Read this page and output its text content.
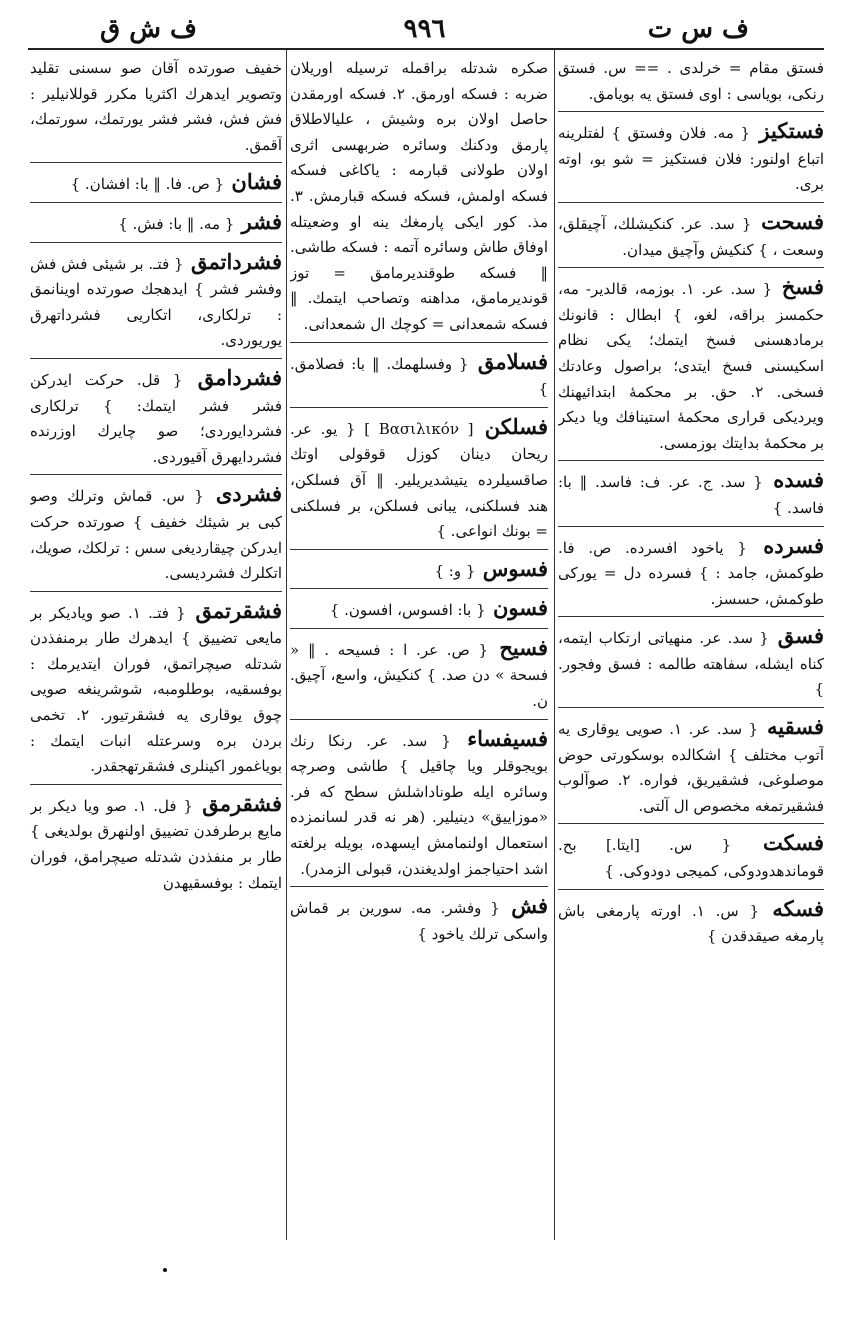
ف س ت
٩٩٦
ف ش ق
فستق مقام = خرلدی . == س. فستق رنکی، بویاسی : اوی فستق یه بویامق.
فستکیز{ مه. فلان وفستق } لفتلرینه اتباع اولنور: فلان فستکیز = شو بو، اوته بری.
فسحت{ سد. عر. کنکیشلك، آچیقلق، وسعت ، } کنکیش وآچیق میدان.
فسخ{ سد. عر. ۱. بوزمه، قالدیر- مه، حکمسز براقه، لغو، } ابطال : قانونك برمادهسنی فسخ ایتمك؛ یکی نظام اسکیسنی فسخ ایتدی؛ براصول وعادتك فسخی. ۲. حق. بر محکمهٔ ابتدائیهنك ویردیکی قراری محکمهٔ استینافك ویا دیکر بر محکمهٔ بدایتك بوزمسی.
فسده{ سد. ج. عر. ف: فاسد. ‖ با: فاسد. }
فسرده{ یاخود افسرده. ص. فا. طوکمش، جامد : } فسرده دل = یورکی طوکمش، حسسز.
فسق{ سد. عر. منهیاتی ارتکاب ایتمه، کناه ایشله، سفاهته طالمه : فسق وفجور. }
فسقیه{ سد. عر. ۱. صویی یوقاری یه آتوب مختلف } اشکالده بوسکورتی حوض موصلوغی، فشقیریق، فواره. ۲. صوآلوب فشقیرتمغه مخصوص ال آلتی.
فسکت{ س. [ایتا.] بح. قوماندهدودوکی، کمیجی دودوکی. }
فسکه{ س. ۱. اورته پارمغی باش پارمغه صیقدقدن }
صکره شدتله براقمله ترسیله اوریلان ضربه : فسکه اورمق. ۲. فسکه اورمقدن حاصل اولان بره وشیش ، علیالاطلاق پارمق ودکنك وسائره ضربهسی اثری اولان طولانی قبارمه : یاکاغی فسکه فسکه اولمش، فسکه فسکه قبارمش. ۳. مذ. کور ایکی پارمغك ینه او وضعیتله اوفاق طاش وسائره آتمه : فسکه طاشی. ‖ فسکه طوقندیرمامق = توز قوندیرمامق، مداهنه وتصاحب ایتمك. ‖ فسکه شمعدانی = کوچك ال شمعدانی.
فسلامق{ وفسلهمك. ‖ با: فصلامق. }
فسلکن[ Βασιλικόν ] { یو. عر. ریحان دینان کوزل قوقولی اوتك صاقسیلرده یتیشدیریلیر. ‖ آق فسلکن، هند فسلکنی، یبانی فسلکن، بر فسلکنی = بونك انواعی. }
فسوس{ و: }
فسون{ با: افسوس، افسون. }
فسیح{ ص. عر. ا : فسیحه . ‖ « فسحة » دن صد. } کنکیش، واسع، آچیق. ن.
فسیفساء{ سد. عر. رنکا رنك بویجوقلر ویا چاقیل } طاشی وصرچه وسائره ایله طوناداشلش سطح که فر. «موزاییق» دینیلیر. (هر نه قدر لسانمزده استعمال اولنمامش ایسهده، بویله برلغته اشد احتیاجمز اولدیغندن، قبولی الزمدر).
فش{ وفشر. مه. سورین بر قماش واسکی ترلك یاخود }
خفیف صورتده آقان صو سسنی تقلید وتصویر ایدهرك اکثریا مکرر قوللانیلیر : فش فش، فشر فشر یورتمك، سورتمك، آقمق.
فشان{ ص. فا. ‖ با: افشان. }
فشر{ مه. ‖ با: فش. }
فشرداتمق{ فتـ. بر شیئی فش فش وفشر فشر } ایدهجك صورتده اوینانمق : ترلکاری، اتکاریی فشرداتهرق یوریوردی.
فشردامق{ قل. حرکت ایدرکن فشر فشر ایتمك: } ترلکاری فشردایوردی؛ صو چایرك اوزرنده فشردایهرق آقیوردی.
فشردی{ س. قماش وترلك وصو کبی بر شیئك خفیف } صورتده حرکت ایدرکن چیقاردیغی سس : ترلکك، صویك، اتکلرك فشردیسی.
فشقرتمق{ فتـ. ۱. صو ویادیکر بر مایعی تضییق } ایدهرك طار برمنفذدن شدتله صیچراتمق، فوران ایتدیرمك : بوفسقیه، بوطلومبه، شوشرینغه صویی چوق یوقاری یه فشقرتیور. ۲. تخمی بردن بره وسرعتله انبات ایتمك : بویاغمور اکینلری فشقرتهجقدر.
فشقرمق{ فل. ۱. صو ویا دیکر بر مایع برطرفدن تضییق اولنهرق بولدیغی } طار بر منفذدن شدتله صیچرامق، فوران ایتمك : بوفسقیهدن
